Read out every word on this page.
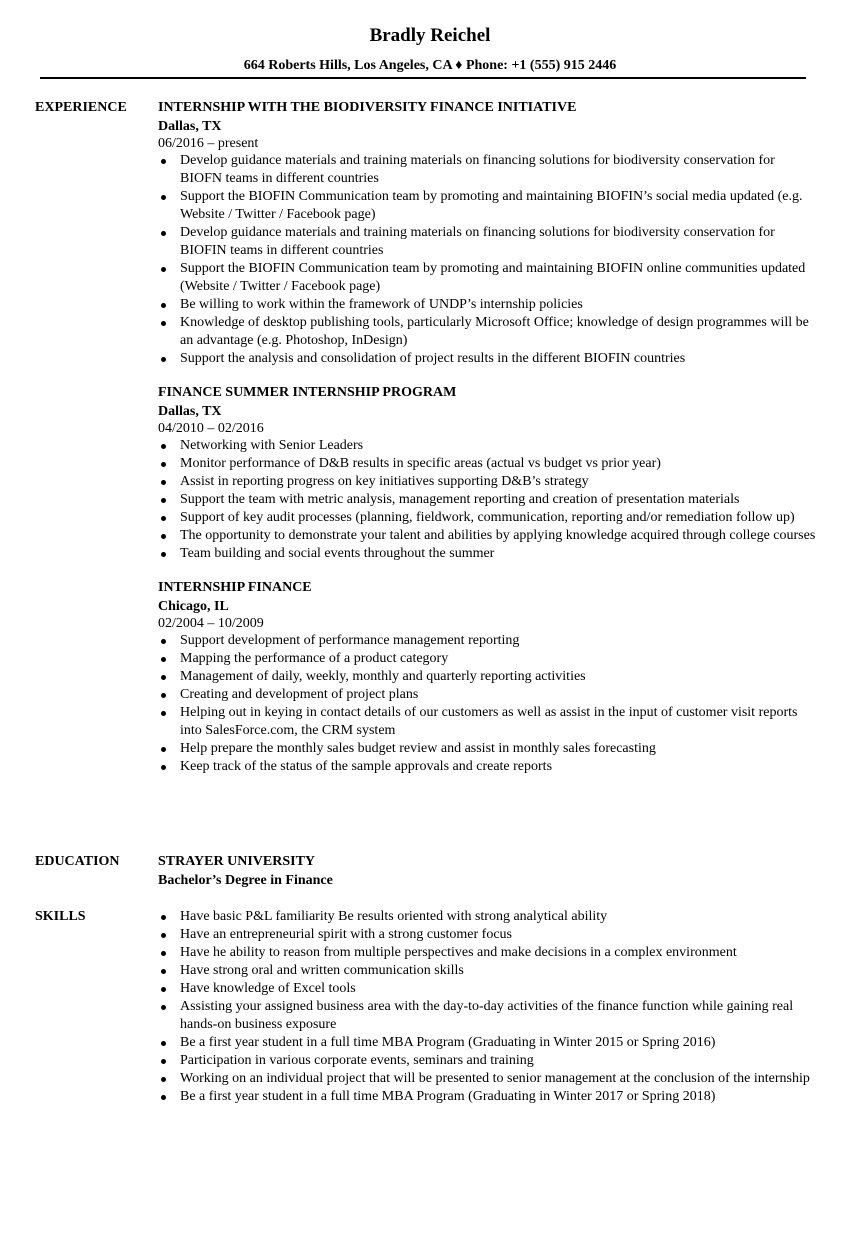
Bradly Reichel
664 Roberts Hills, Los Angeles, CA ♦ Phone: +1 (555) 915 2446
EXPERIENCE INTERNSHIP WITH THE BIODIVERSITY FINANCE INITIATIVE
Dallas, TX
06/2016 – present
Develop guidance materials and training materials on financing solutions for biodiversity conservation for BIOFN teams in different countries
Support the BIOFIN Communication team by promoting and maintaining BIOFIN’s social media updated (e.g. Website / Twitter / Facebook page)
Develop guidance materials and training materials on financing solutions for biodiversity conservation for BIOFIN teams in different countries
Support the BIOFIN Communication team by promoting and maintaining BIOFIN online communities updated (Website / Twitter / Facebook page)
Be willing to work within the framework of UNDP’s internship policies
Knowledge of desktop publishing tools, particularly Microsoft Office; knowledge of design programmes will be an advantage (e.g. Photoshop, InDesign)
Support the analysis and consolidation of project results in the different BIOFIN countries
FINANCE SUMMER INTERNSHIP PROGRAM
Dallas, TX
04/2010 – 02/2016
Networking with Senior Leaders
Monitor performance of D&B results in specific areas (actual vs budget vs prior year)
Assist in reporting progress on key initiatives supporting D&B’s strategy
Support the team with metric analysis, management reporting and creation of presentation materials
Support of key audit processes (planning, fieldwork, communication, reporting and/or remediation follow up)
The opportunity to demonstrate your talent and abilities by applying knowledge acquired through college courses
Team building and social events throughout the summer
INTERNSHIP FINANCE
Chicago, IL
02/2004 – 10/2009
Support development of performance management reporting
Mapping the performance of a product category
Management of daily, weekly, monthly and quarterly reporting activities
Creating and development of project plans
Helping out in keying in contact details of our customers as well as assist in the input of customer visit reports into SalesForce.com, the CRM system
Help prepare the monthly sales budget review and assist in monthly sales forecasting
Keep track of the status of the sample approvals and create reports
EDUCATION	STRAYER UNIVERSITY
Bachelor’s Degree in Finance
SKILLS	Have basic P&L familiarity Be results oriented with strong analytical ability
Have an entrepreneurial spirit with a strong customer focus
Have he ability to reason from multiple perspectives and make decisions in a complex environment
Have strong oral and written communication skills
Have knowledge of Excel tools
Assisting your assigned business area with the day-to-day activities of the finance function while gaining real hands-on business exposure
Be a first year student in a full time MBA Program (Graduating in Winter 2015 or Spring 2016)
Participation in various corporate events, seminars and training
Working on an individual project that will be presented to senior management at the conclusion of the internship
Be a first year student in a full time MBA Program (Graduating in Winter 2017 or Spring 2018)
